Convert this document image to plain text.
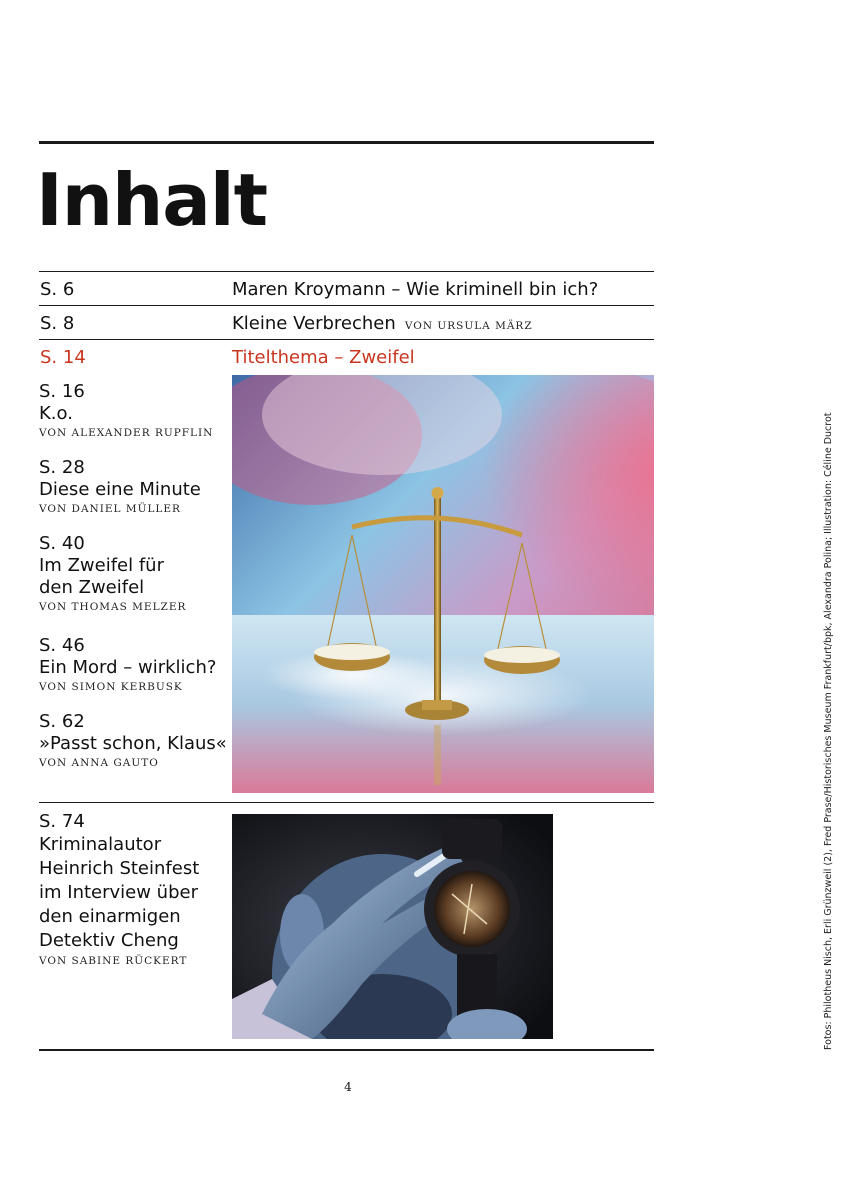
Inhalt
S. 6	Maren Kroymann – Wie kriminell bin ich?
S. 8	Kleine Verbrechen VON URSULA MÄRZ
S. 14	Titelthema – Zweifel
S. 16
K.o.
VON ALEXANDER RUPFLIN
S. 28
Diese eine Minute
VON DANIEL MÜLLER
S. 40
Im Zweifel für den Zweifel
VON THOMAS MELZER
S. 46
Ein Mord – wirklich?
VON SIMON KERBUSK
S. 62
»Passt schon, Klaus«
VON ANNA GAUTO
S. 74
Kriminalautor Heinrich Steinfest im Interview über den einarmigen Detektiv Cheng
VON SABINE RÜCKERT
4
Fotos: Philotheus Nisch, Erli Grünzweil (2), Fred Prase/Historisches Museum Frankfurt/bpk, Alexandra Polina; Illustration: Céline Ducrot
